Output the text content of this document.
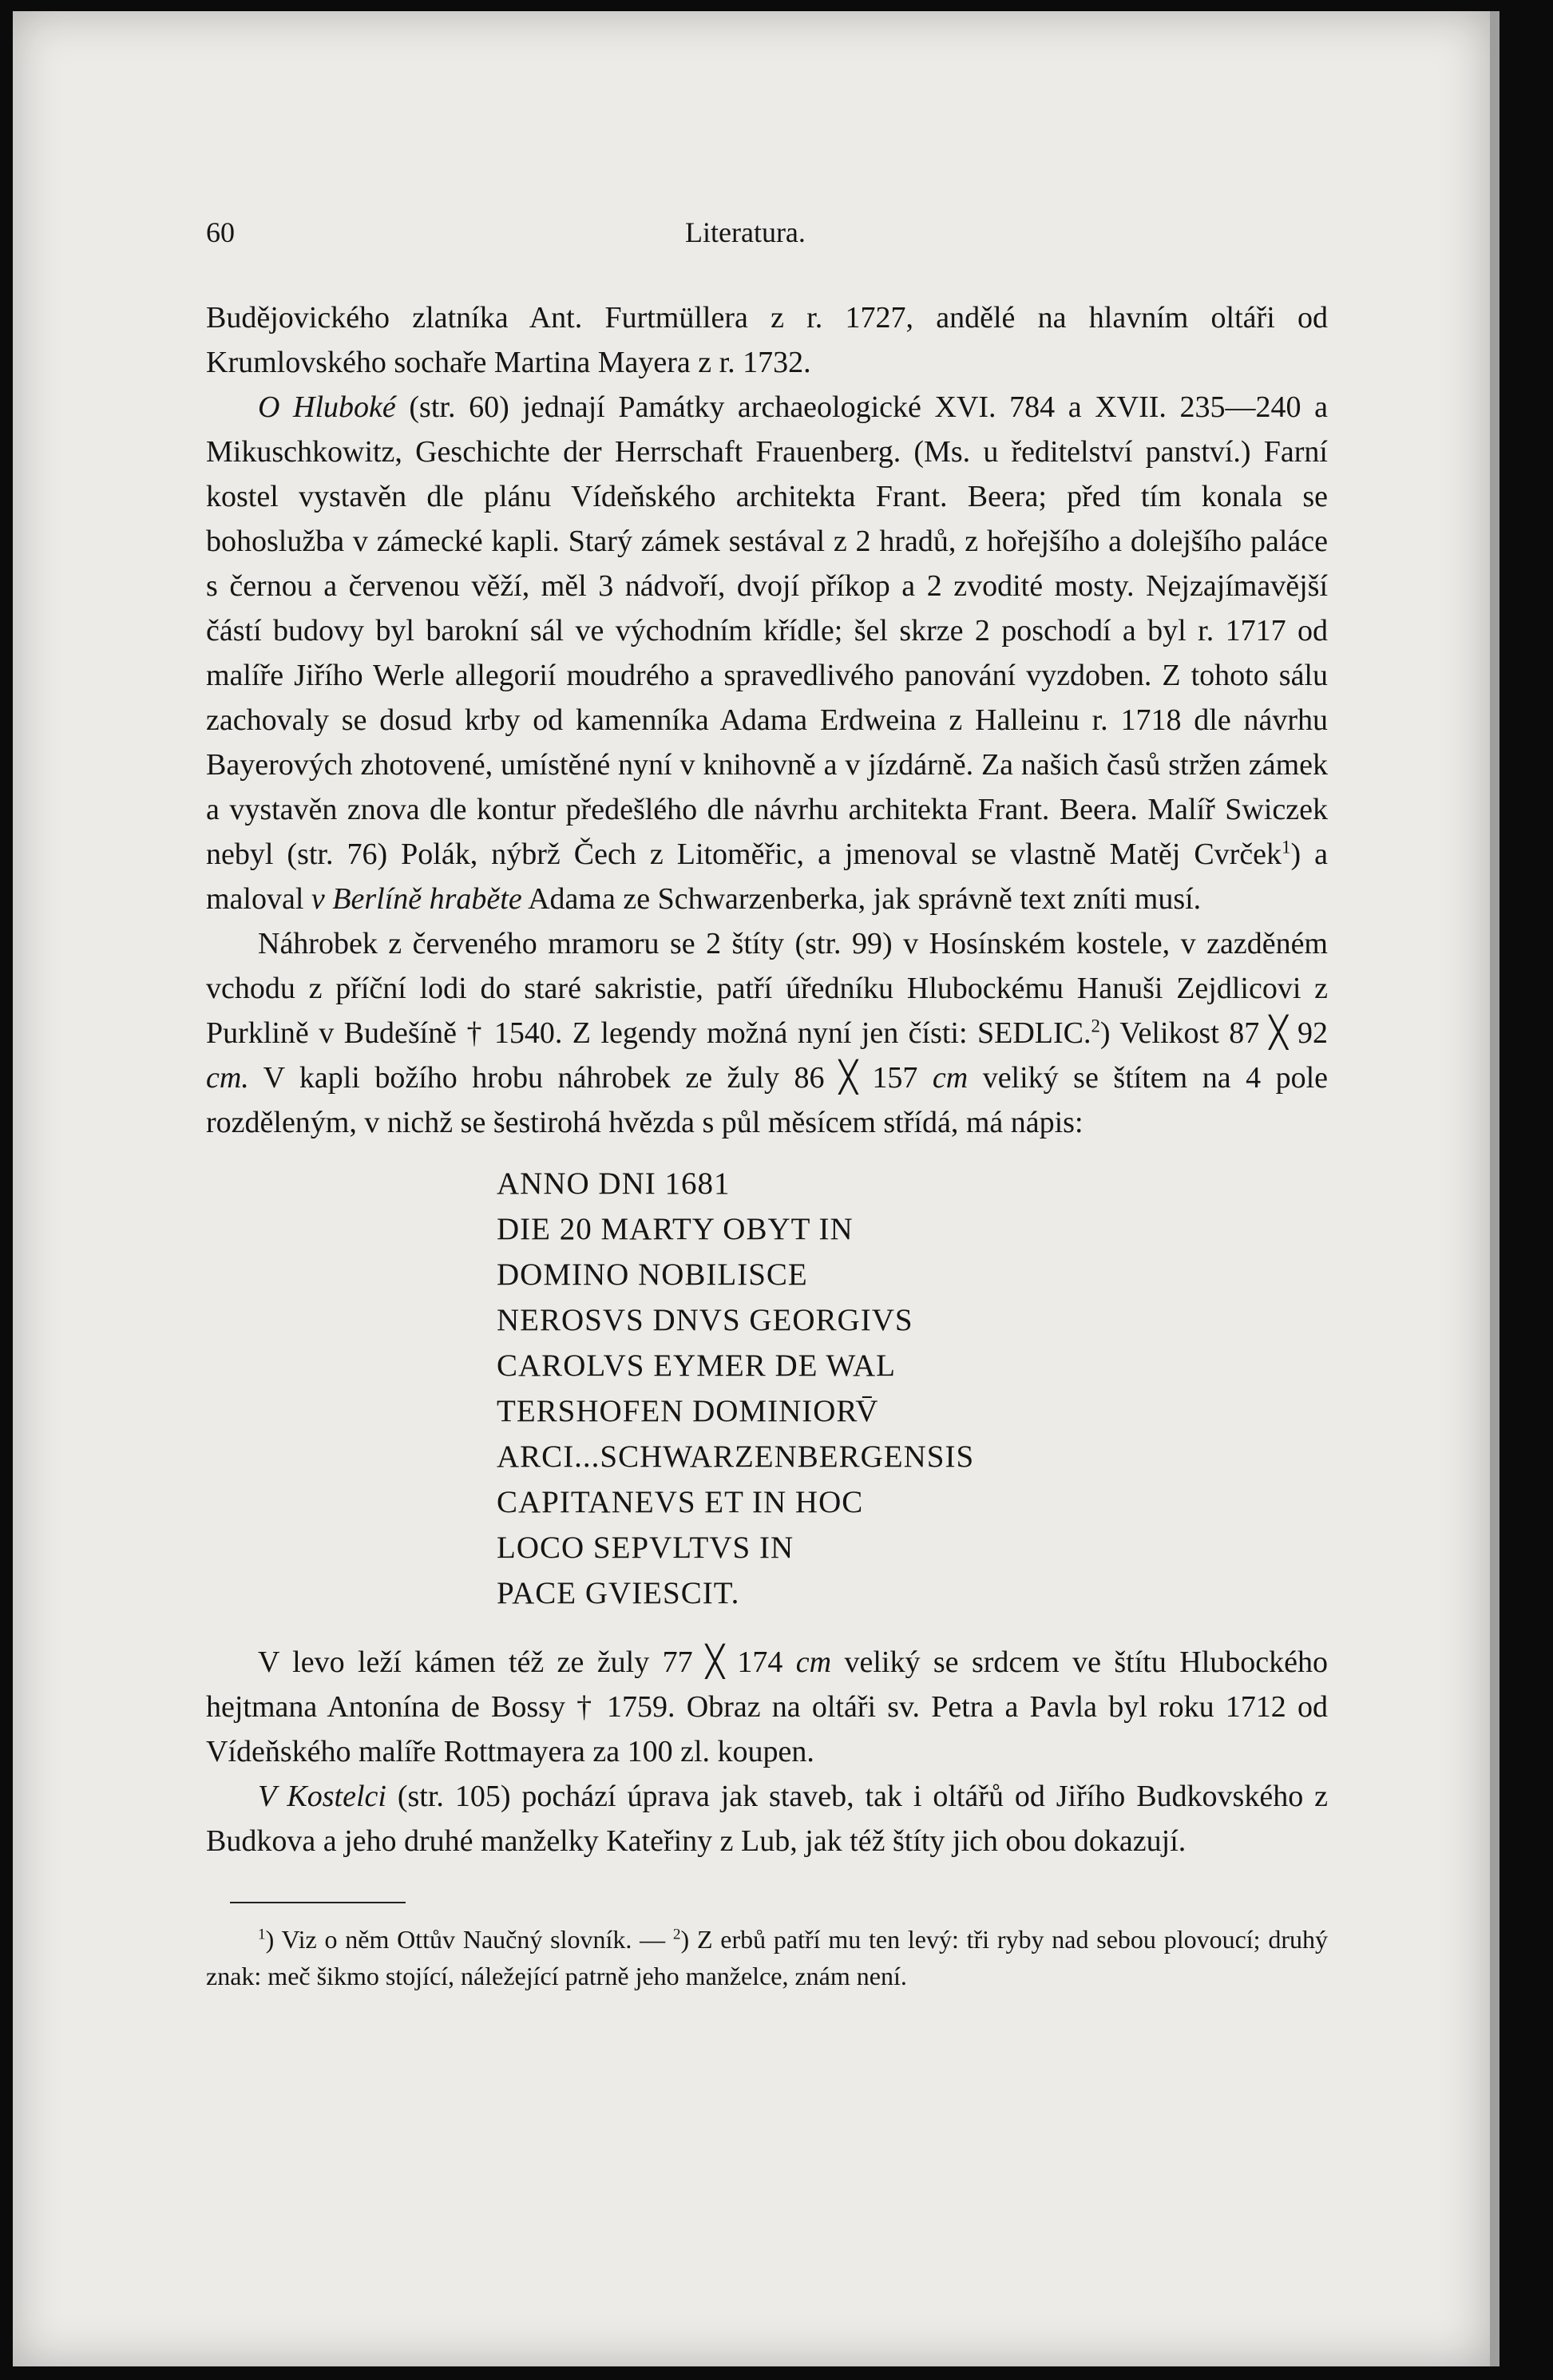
60	Literatura.

Budějovického zlatníka Ant. Furtmüllera z r. 1727, andělé na hlavním oltáři od Krumlovského sochaře Martina Mayera z r. 1732.

O Hluboké (str. 60) jednají Památky archaeologické XVI. 784 a XVII. 235—240 a Mikuschkowitz, Geschichte der Herrschaft Frauenberg. (Ms. u ředitelství panství.) Farní kostel vystavěn dle plánu Vídeňského architekta Frant. Beera; před tím konala se bohoslužba v zámecké kapli. Starý zámek sestával z 2 hradů, z hořejšího a dolejšího paláce s černou a červenou věží, měl 3 nádvoří, dvojí příkop a 2 zvodité mosty. Nejzajímavější částí budovy byl barokní sál ve východním křídle; šel skrze 2 poschodí a byl r. 1717 od malíře Jiřího Werle allegorií moudrého a spravedlivého panování vyzdoben. Z tohoto sálu zachovaly se dosud krby od kamenníka Adama Erdweina z Halleinu r. 1718 dle návrhu Bayerových zhotovené, umístěné nyní v knihovně a v jízdárně. Za našich časů stržen zámek a vystavěn znova dle kontur předešlého dle návrhu architekta Frant. Beera. Malíř Swiczek nebyl (str. 76) Polák, nýbrž Čech z Litoměřic, a jmenoval se vlastně Matěj Cvrček$^1$) a maloval v Berlíně hraběte Adama ze Schwarzenberka, jak správně text zníti musí.

Náhrobek z červeného mramoru se 2 štíty (str. 99) v Hosínském kostele, v zazděném vchodu z příční lodi do staré sakristie, patří úředníku Hlubockému Hanuši Zejdlicovi z Purklině v Budešíně † 1540. Z legendy možná nyní jen čísti: SEDLIC.$^2$) Velikost 87 ╳ 92 cm. V kapli božího hrobu náhrobek ze žuly 86 ╳ 157 cm veliký se štítem na 4 pole rozděleným, v nichž se šestirohá hvězda s půl měsícem střídá, má nápis:

ANNO DNI 1681
DIE 20 MARTY OBYT IN
DOMINO NOBILISCE
NEROSVS DNVS GEORGIVS
CAROLVS EYMER DE WAL
TERSHOFEN DOMINIORV̄
ARCI...SCHWARZENBERGENSIS
CAPITANEVS ET IN HOC
LOCO SEPVLTVS IN
PACE GVIESCIT.

V levo leží kámen též ze žuly 77 ╳ 174 cm veliký se srdcem ve štítu Hlubockého hejtmana Antonína de Bossy † 1759. Obraz na oltáři sv. Petra a Pavla byl roku 1712 od Vídeňského malíře Rottmayera za 100 zl. koupen.

V Kostelci (str. 105) pochází úprava jak staveb, tak i oltářů od Jiřího Budkovského z Budkova a jeho druhé manželky Kateřiny z Lub, jak též štíty jich obou dokazují.

$^1$) Viz o něm Ottův Naučný slovník. — $^2$) Z erbů patří mu ten levý: tři ryby nad sebou plovoucí; druhý znak: meč šikmo stojící, náležející patrně jeho manželce, znám není.
